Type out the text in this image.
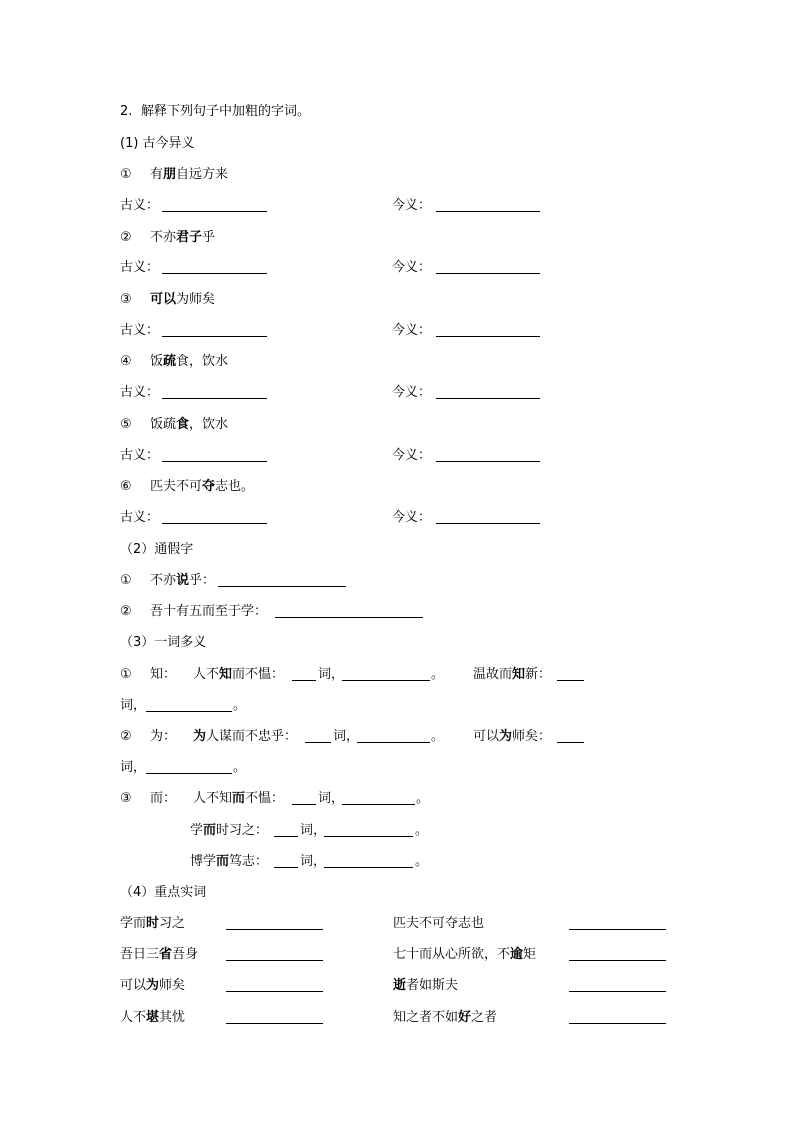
2. 解释下列句子中加粗的字词。
(1) 古今异义
① 有朋自远方来
古义：	今义：
② 不亦君子乎
古义：	今义：
③ 可以为师矣
古义：	今义：
④ 饭疏食，饮水
古义：	今义：
⑤ 饭疏食，饮水
古义：	今义：
⑥ 匹夫不可夺志也。
古义：	今义：
（2）通假字
① 不亦说乎：
② 吾十有五而至于学：
（3）一词多义
① 知： 人不知而不愠：	词，	。 温故而知新：
词，	。
② 为： 为人谋而不忠乎：	词，	。 可以为师矣：
词，	。
③ 而： 人不知而不愠：	词，	。
学而时习之： 词，	。
博学而笃志： 词，	。
（4）重点实词
学而时习之	匹夫不可夺志也
吾日三省吾身	七十而从心所欲，不逾矩
可以为师矣	逝者如斯夫
人不堪其忧	知之者不如好之者
